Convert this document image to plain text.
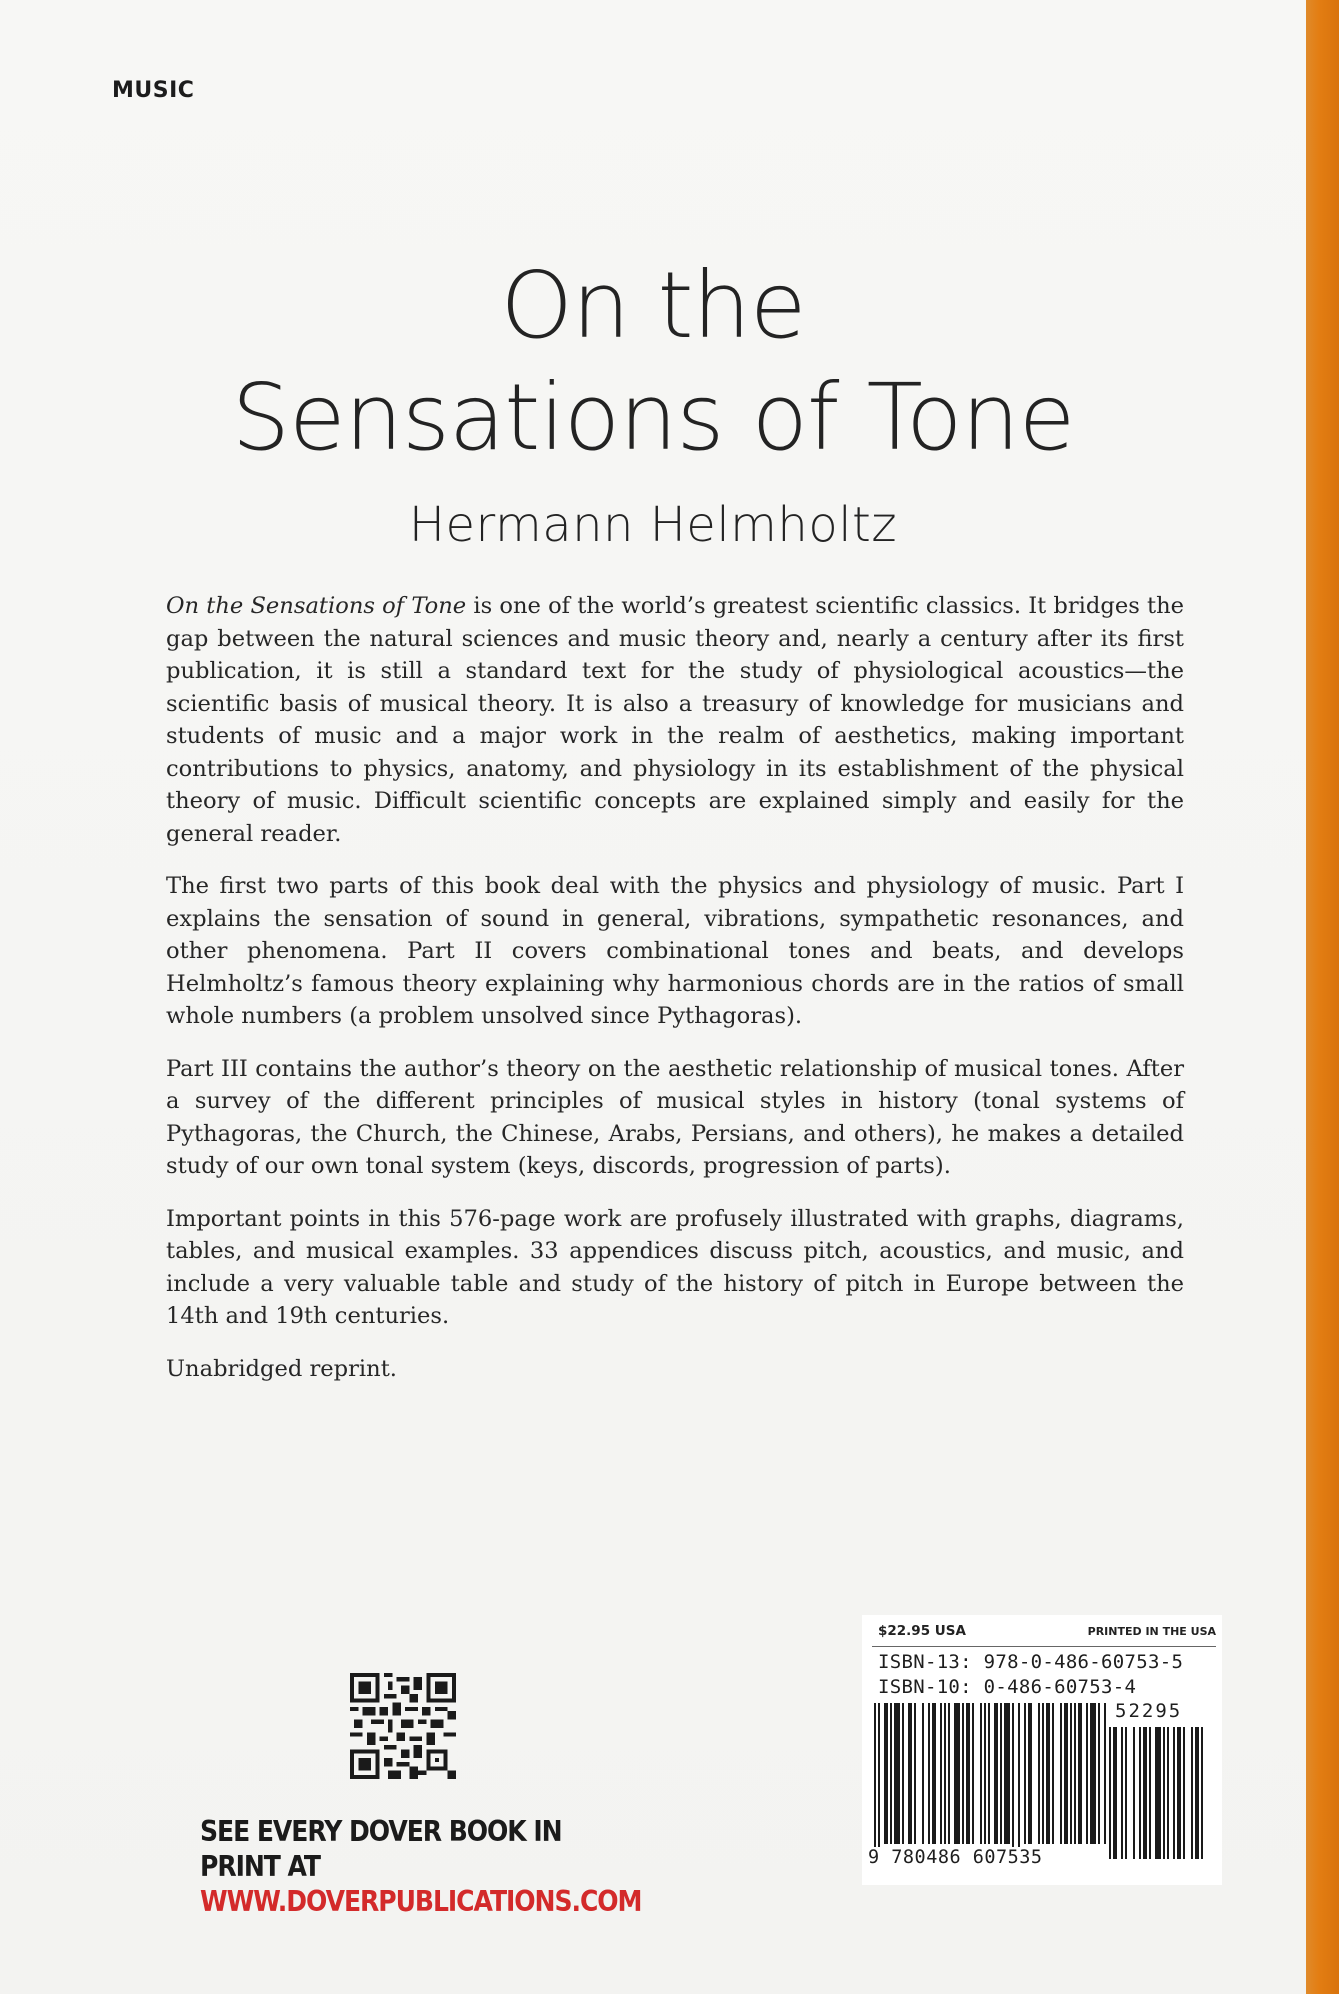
MUSIC
On the
Sensations of Tone
Hermann Helmholtz

On the Sensations of Tone is one of the world’s greatest scientific classics. It bridges the gap between the natural sciences and music theory and, nearly a century after its first publication, it is still a standard text for the study of physiological acoustics—the scientific basis of musical theory. It is also a treasury of knowledge for musicians and students of music and a major work in the realm of aesthetics, making important contributions to physics, anatomy, and physiology in its establishment of the physical theory of music. Difficult scientific concepts are explained simply and easily for the general reader.

The first two parts of this book deal with the physics and physiology of music. Part I explains the sensation of sound in general, vibrations, sympathetic resonances, and other phenomena. Part II covers combinational tones and beats, and develops Helmholtz’s famous theory explaining why harmonious chords are in the ratios of small whole numbers (a problem unsolved since Pythagoras).

Part III contains the author’s theory on the aesthetic relationship of musical tones. After a survey of the different principles of musical styles in history (tonal systems of Pythagoras, the Church, the Chinese, Arabs, Persians, and others), he makes a detailed study of our own tonal system (keys, discords, progression of parts).

Important points in this 576-page work are profusely illustrated with graphs, diagrams, tables, and musical examples. 33 appendices discuss pitch, acoustics, and music, and include a very valuable table and study of the history of pitch in Europe between the 14th and 19th centuries.

Unabridged reprint.

SEE EVERY DOVER BOOK IN PRINT AT
WWW.DOVERPUBLICATIONS.COM
$22.95 USA	PRINTED IN THE USA
ISBN-13: 978-0-486-60753-5
ISBN-10: 0-486-60753-4
52295
9 780486 607535
